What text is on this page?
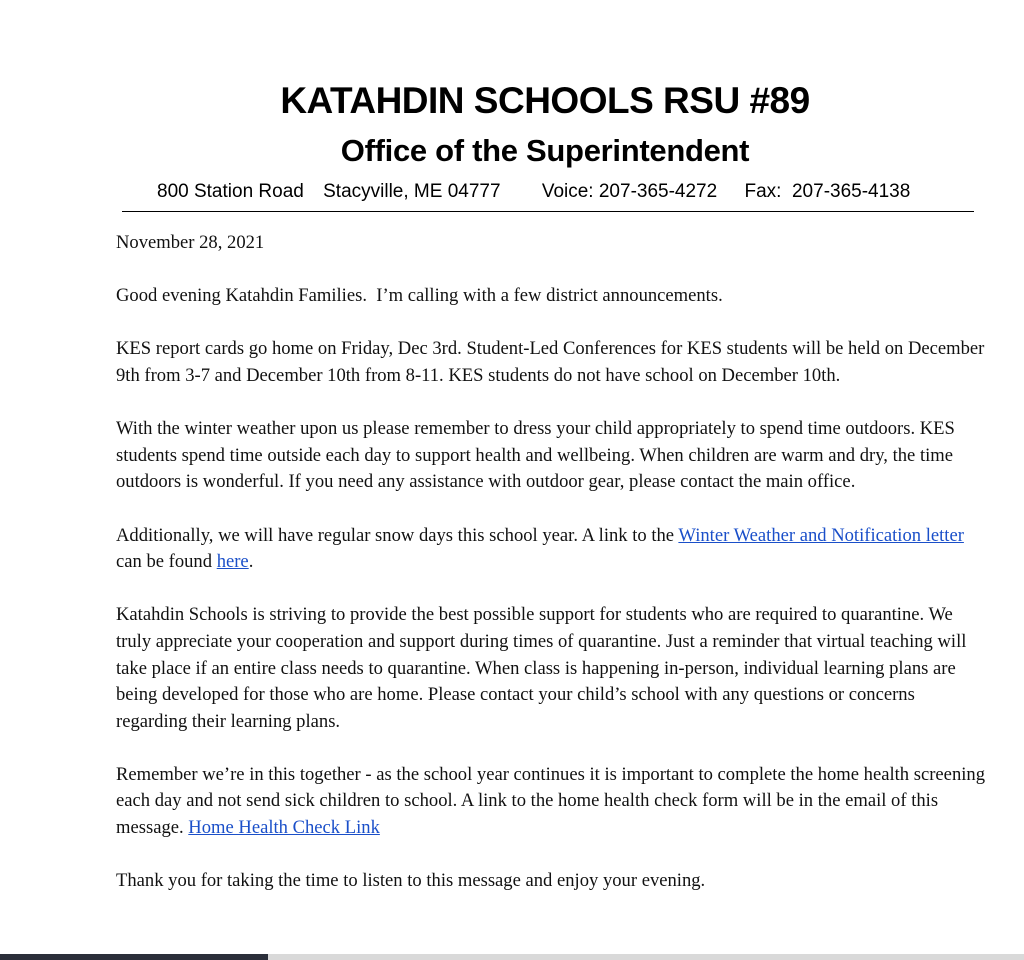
KATAHDIN SCHOOLS RSU #89
Office of the Superintendent
800 Station Road Stacyville, ME 04777 Voice: 207-365-4272 Fax:  207-365-4138

November 28, 2021

Good evening Katahdin Families.  I’m calling with a few district announcements.

KES report cards go home on Friday, Dec 3rd. Student-Led Conferences for KES students will be held on December 9th from 3-7 and December 10th from 8-11. KES students do not have school on December 10th.

With the winter weather upon us please remember to dress your child appropriately to spend time outdoors. KES students spend time outside each day to support health and wellbeing. When children are warm and dry, the time outdoors is wonderful. If you need any assistance with outdoor gear, please contact the main office.

Additionally, we will have regular snow days this school year. A link to the Winter Weather and Notification letter can be found here.

Katahdin Schools is striving to provide the best possible support for students who are required to quarantine. We truly appreciate your cooperation and support during times of quarantine. Just a reminder that virtual teaching will take place if an entire class needs to quarantine. When class is happening in-person, individual learning plans are being developed for those who are home. Please contact your child’s school with any questions or concerns regarding their learning plans.

Remember we’re in this together - as the school year continues it is important to complete the home health screening each day and not send sick children to school. A link to the home health check form will be in the email of this message. Home Health Check Link

Thank you for taking the time to listen to this message and enjoy your evening.
